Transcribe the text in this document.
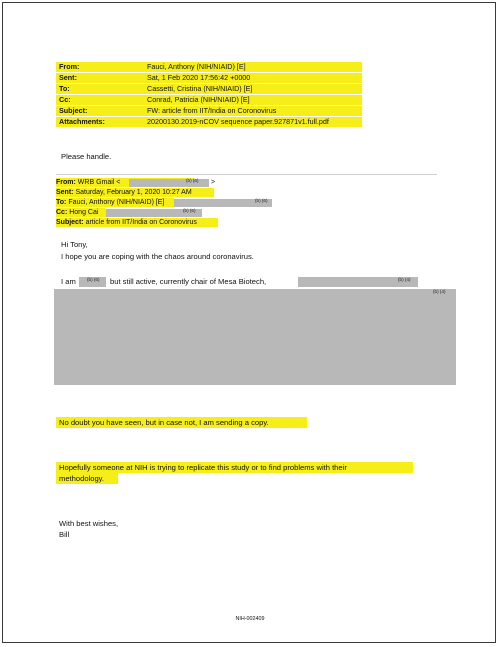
From:	Fauci, Anthony (NIH/NIAID) [E]
Sent:	Sat, 1 Feb 2020 17:56:42 +0000
To:	Cassetti, Cristina (NIH/NIAID) [E]
Cc:	Conrad, Patricia (NIH/NIAID) [E]
Subject:	FW: article from IIT/India on Coronovirus
Attachments:	20200130.2019-nCOV sequence paper.927871v1.full.pdf
Please handle.
From: WRB Gmail <	(b) (6) >
Sent: Saturday, February 1, 2020 10:27 AM
To: Fauci, Anthony (NIH/NIAID) [E]	(b) (6)
Cc: Hong Cai	(b) (6)
Subject: article from IIT/India on Coronovirus
Hi Tony,
I hope you are coping with the chaos around coronavirus.
I am (b) (6) but still active, currently chair of Mesa Biotech,	(b) (4)
(b) (4)
No doubt you have seen, but in case not, I am sending a copy.
Hopefully someone at NIH is trying to replicate this study or to find problems with their
methodology.
With best wishes,
Bill
NIH-002409
